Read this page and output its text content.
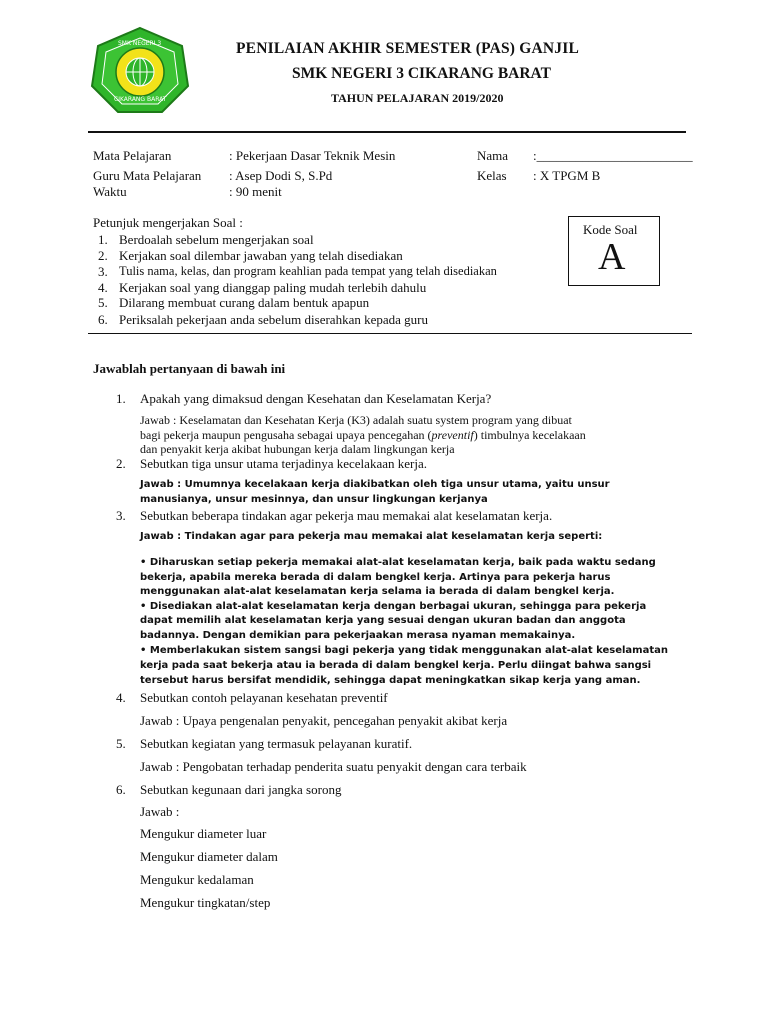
SMK NEGERI 3
CIKARANG BARAT
PENILAIAN AKHIR SEMESTER (PAS) GANJIL
SMK NEGERI 3 CIKARANG BARAT
TAHUN PELAJARAN 2019/2020
Mata Pelajaran	: Pekerjaan Dasar Teknik Mesin
Guru Mata Pelajaran : Asep Dodi S, S.Pd
Waktu	: 90 menit
Nama :________________________
Kelas : X TPGM B
Petunjuk mengerjakan Soal :
1. Berdoalah sebelum mengerjakan soal
2. Kerjakan soal dilembar jawaban yang telah disediakan
3. Tulis nama, kelas, dan program keahlian pada tempat yang telah disediakan
4. Kerjakan soal yang dianggap paling mudah terlebih dahulu
5. Dilarang membuat curang dalam bentuk apapun
6. Periksalah pekerjaan anda sebelum diserahkan kepada guru
Kode Soal
A
Jawablah pertanyaan di bawah ini
1. Apakah yang dimaksud dengan Kesehatan dan Keselamatan Kerja?
Jawab : Keselamatan dan Kesehatan Kerja (K3) adalah suatu system program yang dibuat
bagi pekerja maupun pengusaha sebagai upaya pencegahan (preventif) timbulnya kecelakaan
dan penyakit kerja akibat hubungan kerja dalam lingkungan kerja
2. Sebutkan tiga unsur utama terjadinya kecelakaan kerja.
Jawab : Umumnya kecelakaan kerja diakibatkan oleh tiga unsur utama, yaitu unsur
manusianya, unsur mesinnya, dan unsur lingkungan kerjanya
3. Sebutkan beberapa tindakan agar pekerja mau memakai alat keselamatan kerja.
Jawab : Tindakan agar para pekerja mau memakai alat keselamatan kerja seperti:
• Diharuskan setiap pekerja memakai alat-alat keselamatan kerja, baik pada waktu sedang
bekerja, apabila mereka berada di dalam bengkel kerja. Artinya para pekerja harus
menggunakan alat-alat keselamatan kerja selama ia berada di dalam bengkel kerja.
• Disediakan alat-alat keselamatan kerja dengan berbagai ukuran, sehingga para pekerja
dapat memilih alat keselamatan kerja yang sesuai dengan ukuran badan dan anggota
badannya. Dengan demikian para pekerjaakan merasa nyaman memakainya.
• Memberlakukan sistem sangsi bagi pekerja yang tidak menggunakan alat-alat keselamatan
kerja pada saat bekerja atau ia berada di dalam bengkel kerja. Perlu diingat bahwa sangsi
tersebut harus bersifat mendidik, sehingga dapat meningkatkan sikap kerja yang aman.
4. Sebutkan contoh pelayanan kesehatan preventif
Jawab : Upaya pengenalan penyakit, pencegahan penyakit akibat kerja
5. Sebutkan kegiatan yang termasuk pelayanan kuratif.
Jawab : Pengobatan terhadap penderita suatu penyakit dengan cara terbaik
6. Sebutkan kegunaan dari jangka sorong
Jawab :
Mengukur diameter luar
Mengukur diameter dalam
Mengukur kedalaman
Mengukur tingkatan/step
